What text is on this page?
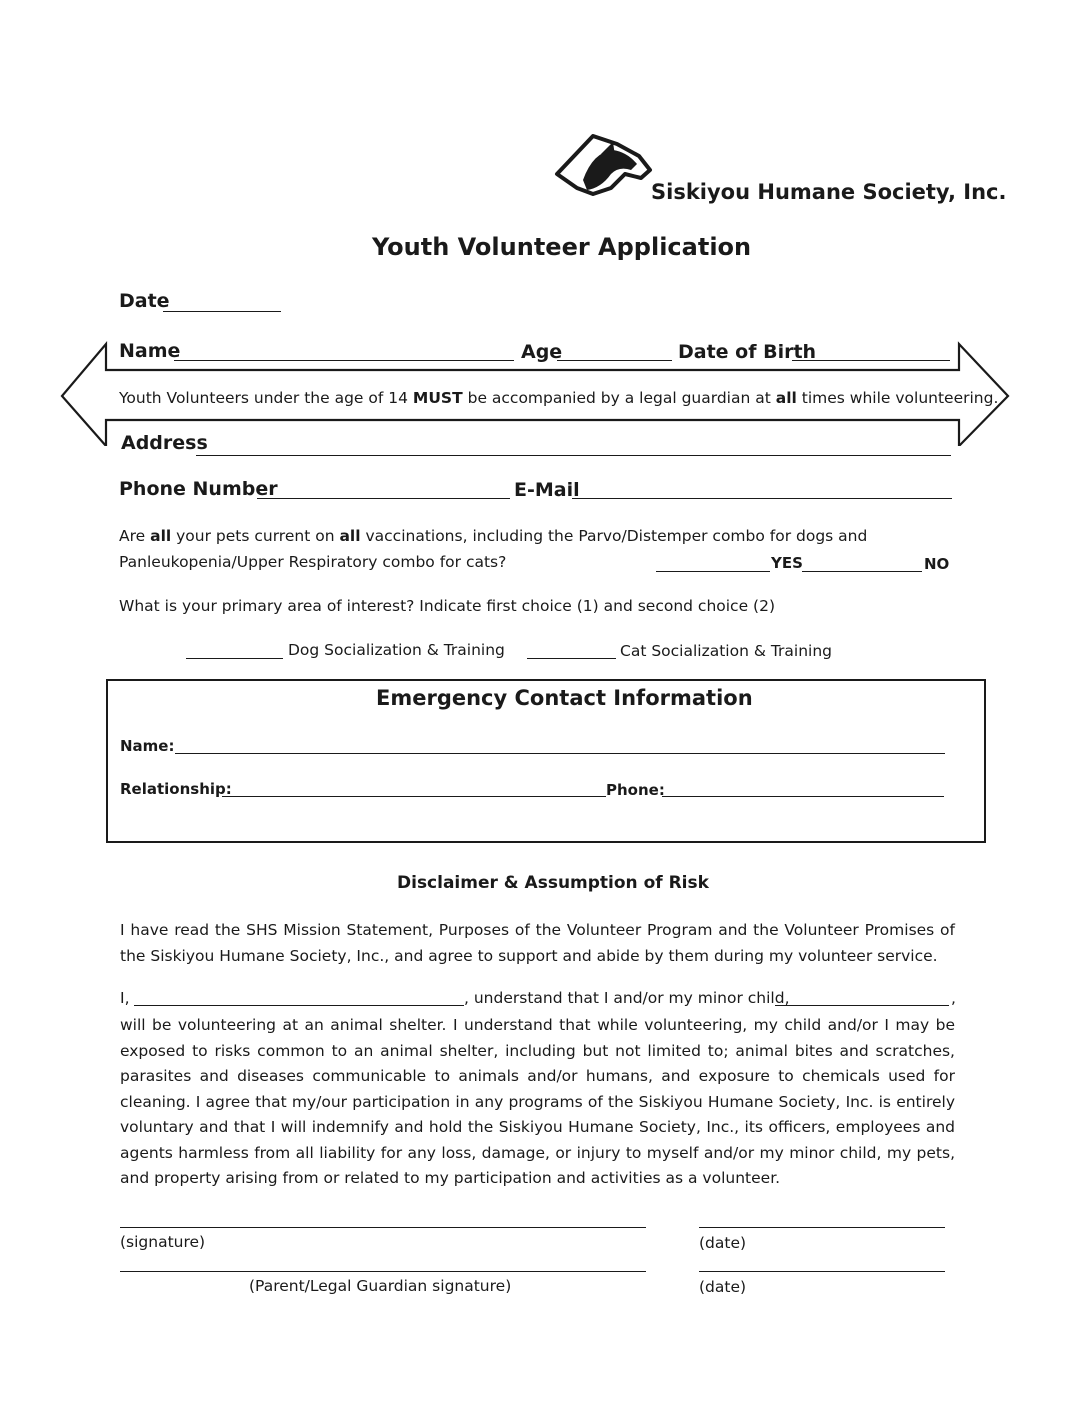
Siskiyou Humane Society, Inc.
Youth Volunteer Application
Date
Name	Age	Date of Birth
Youth Volunteers under the age of 14 MUST be accompanied by a legal guardian at all times while volunteering.
Address
Phone Number	E-Mail
Are all your pets current on all vaccinations, including the Parvo/Distemper combo for dogs and
Panleukopenia/Upper Respiratory combo for cats?	YES	NO
What is your primary area of interest? Indicate first choice (1) and second choice (2)
Dog Socialization & Training	Cat Socialization & Training
Emergency Contact Information
Name:
Relationship:	Phone:
Disclaimer & Assumption of Risk
I have read the SHS Mission Statement, Purposes of the Volunteer Program and the Volunteer Promises of the Siskiyou Humane Society, Inc., and agree to support and abide by them during my volunteer service.
I,	, understand that I and/or my minor child,	,
will be volunteering at an animal shelter. I understand that while volunteering, my child and/or I may be exposed to risks common to an animal shelter, including but not limited to; animal bites and scratches, parasites and diseases communicable to animals and/or humans, and exposure to chemicals used for cleaning. I agree that my/our participation in any programs of the Siskiyou Humane Society, Inc. is entirely voluntary and that I will indemnify and hold the Siskiyou Humane Society, Inc., its officers, employees and agents harmless from all liability for any loss, damage, or injury to myself and/or my minor child, my pets, and property arising from or related to my participation and activities as a volunteer.
(signature)	(date)
(Parent/Legal Guardian signature)	(date)
